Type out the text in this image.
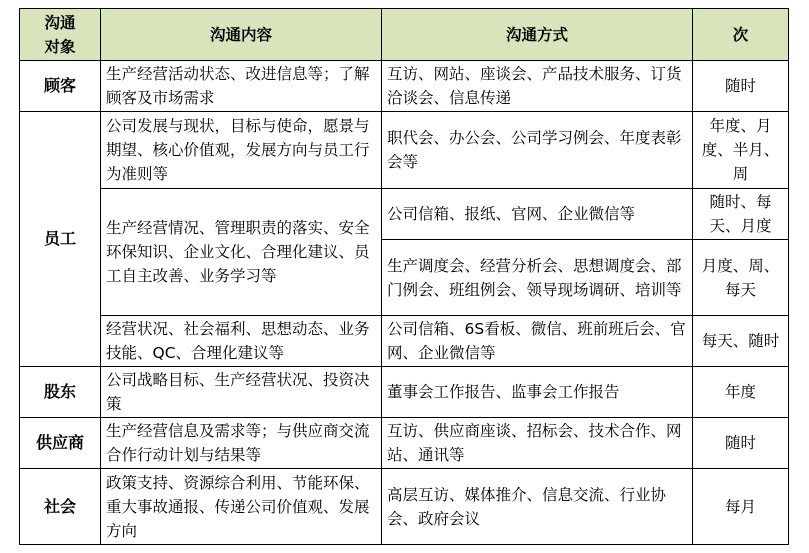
沟通
对象	沟通内容	沟通方式	次
顾客	生产经营活动状态、改进信息等；了解顾客及市场需求	互访、网站、座谈会、产品技术服务、订货洽谈会、信息传递	随时
员工	公司发展与现状，目标与使命，愿景与期望、核心价值观，发展方向与员工行为准则等	职代会、办公会、公司学习例会、年度表彰会等	年度、月度、半月、周
	生产经营情况、管理职责的落实、安全环保知识、企业文化、合理化建议、员工自主改善、业务学习等	公司信箱、报纸、官网、企业微信等	随时、每天、月度
		生产调度会、经营分析会、思想调度会、部门例会、班组例会、领导现场调研、培训等	月度、周、每天
	经营状况、社会福利、思想动态、业务技能、QC、合理化建议等	公司信箱、6S看板、微信、班前班后会、官网、企业微信等	每天、随时
股东	公司战略目标、生产经营状况、投资决策	董事会工作报告、监事会工作报告	年度
供应商	生产经营信息及需求等；与供应商交流合作行动计划与结果等	互访、供应商座谈、招标会、技术合作、网站、通讯等	随时
社会	政策支持、资源综合利用、节能环保、重大事故通报、传递公司价值观、发展方向	高层互访、媒体推介、信息交流、行业协会、政府会议	每月
